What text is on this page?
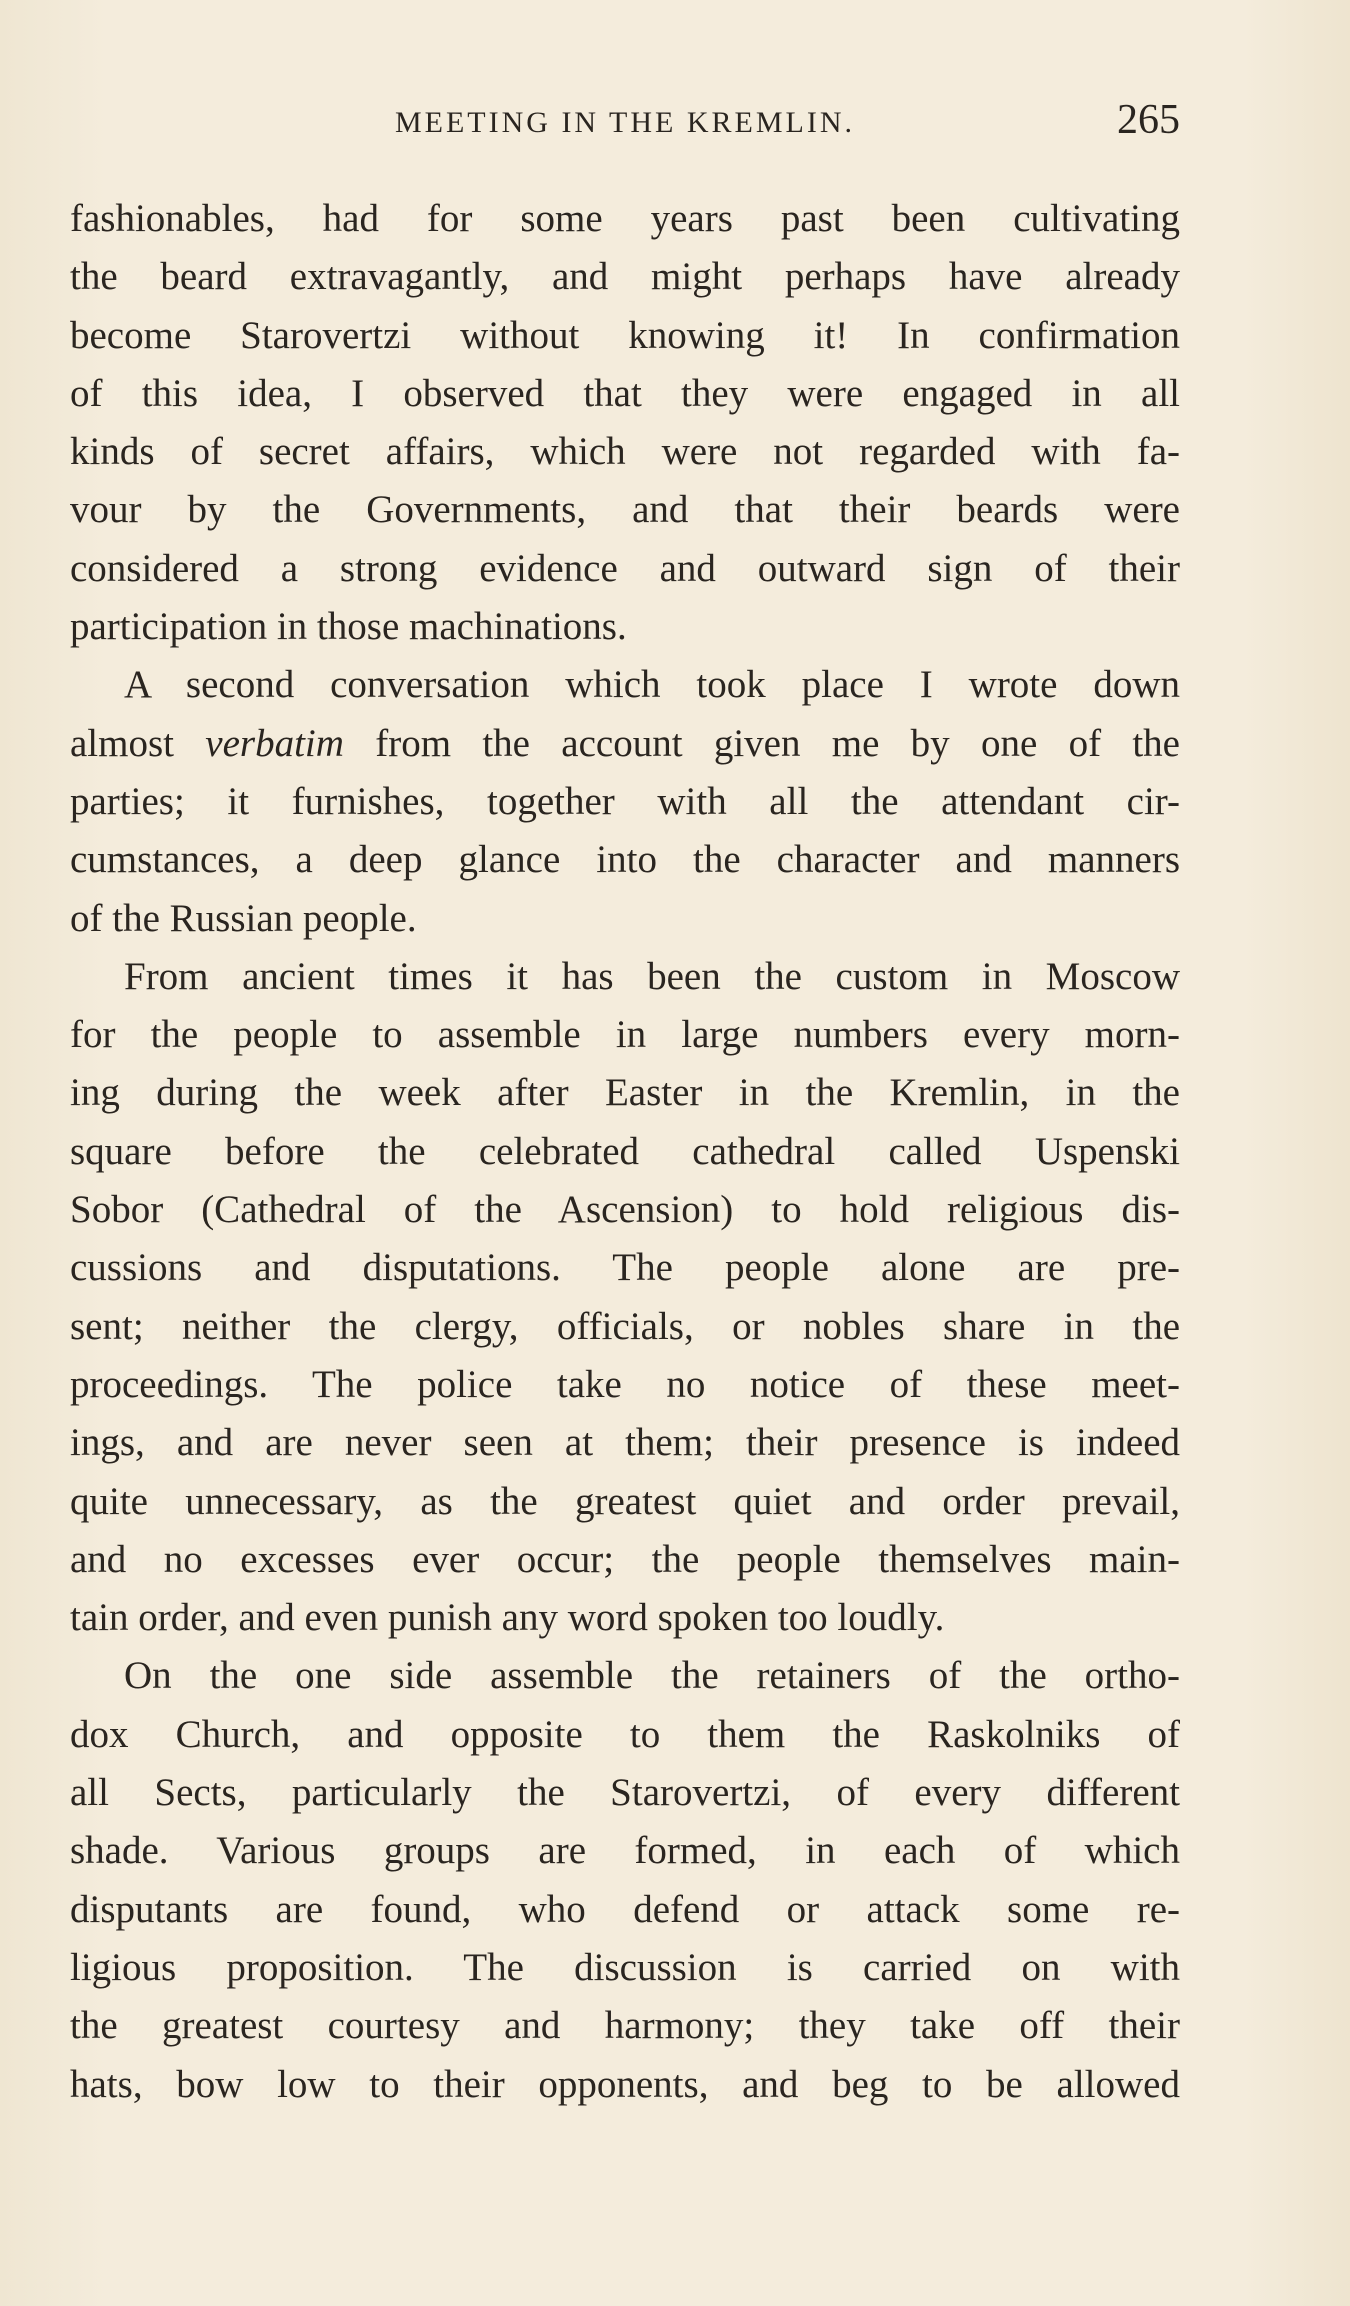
MEETING IN THE KREMLIN.	265
fashionables, had for some years past been cultivating
the beard extravagantly, and might perhaps have already
become Starovertzi without knowing it! In confirmation
of this idea, I observed that they were engaged in all
kinds of secret affairs, which were not regarded with fa-
vour by the Governments, and that their beards were
considered a strong evidence and outward sign of their
participation in those machinations.
A second conversation which took place I wrote down
almost verbatim from the account given me by one of the
parties; it furnishes, together with all the attendant cir-
cumstances, a deep glance into the character and manners
of the Russian people.
From ancient times it has been the custom in Moscow
for the people to assemble in large numbers every morn-
ing during the week after Easter in the Kremlin, in the
square before the celebrated cathedral called Uspenski
Sobor (Cathedral of the Ascension) to hold religious dis-
cussions and disputations. The people alone are pre-
sent; neither the clergy, officials, or nobles share in the
proceedings. The police take no notice of these meet-
ings, and are never seen at them; their presence is indeed
quite unnecessary, as the greatest quiet and order prevail,
and no excesses ever occur; the people themselves main-
tain order, and even punish any word spoken too loudly.
On the one side assemble the retainers of the ortho-
dox Church, and opposite to them the Raskolniks of
all Sects, particularly the Starovertzi, of every different
shade. Various groups are formed, in each of which
disputants are found, who defend or attack some re-
ligious proposition. The discussion is carried on with
the greatest courtesy and harmony; they take off their
hats, bow low to their opponents, and beg to be allowed
